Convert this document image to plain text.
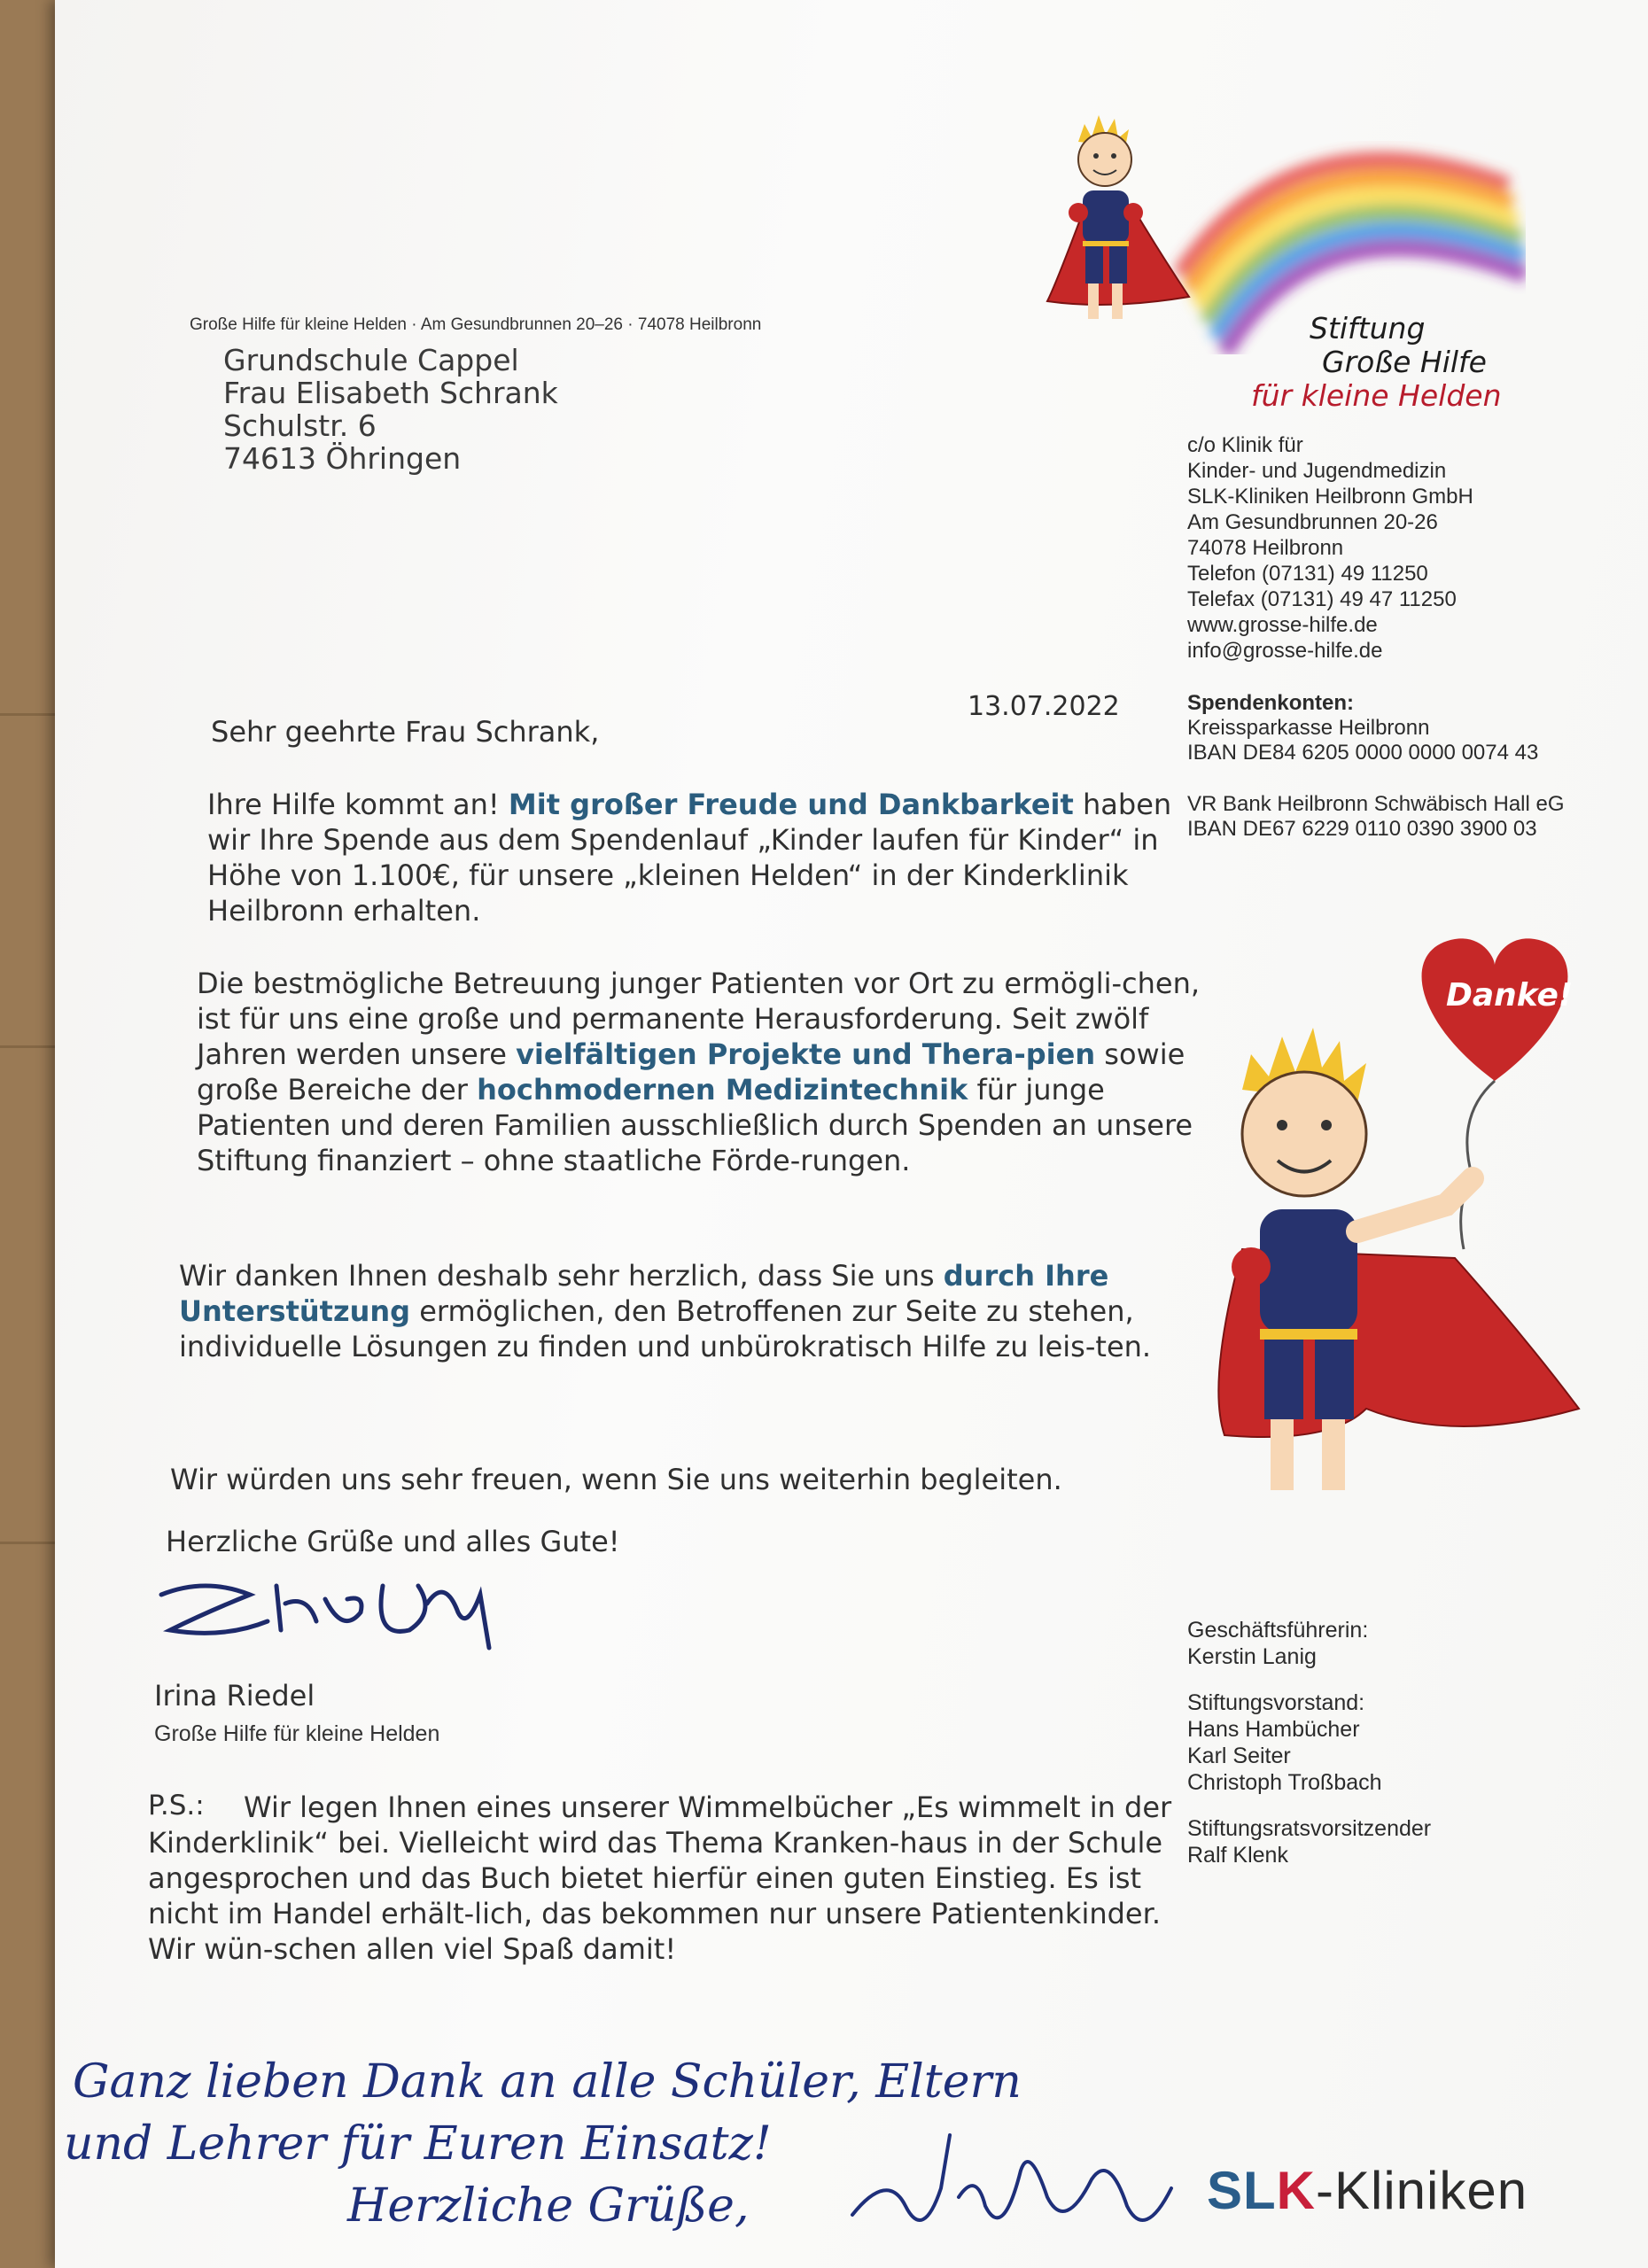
Große Hilfe für kleine Helden · Am Gesundbrunnen 20–26 · 74078 Heilbronn
Grundschule Cappel
Frau Elisabeth Schrank
Schulstr. 6
74613 Öhringen
Stiftung
Große Hilfe
für kleine Helden
c/o Klinik für
Kinder- und Jugendmedizin
SLK-Kliniken Heilbronn GmbH
Am Gesundbrunnen 20-26
74078 Heilbronn
Telefon (07131) 49 11250
Telefax (07131) 49 47 11250
www.grosse-hilfe.de
info@grosse-hilfe.de
13.07.2022	Spendenkonten:
Kreissparkasse Heilbronn
IBAN DE84 6205 0000 0000 0074 43
VR Bank Heilbronn Schwäbisch Hall eG
IBAN DE67 6229 0110 0390 3900 03
Sehr geehrte Frau Schrank,
Ihre Hilfe kommt an! Mit großer Freude und Dankbarkeit haben wir Ihre Spende aus dem Spendenlauf „Kinder laufen für Kinder“ in Höhe von 1.100€, für unsere „kleinen Helden“ in der Kinderklinik Heilbronn erhalten.
Die bestmögliche Betreuung junger Patienten vor Ort zu ermögli-chen, ist für uns eine große und permanente Herausforderung. Seit zwölf Jahren werden unsere vielfältigen Projekte und Thera-pien sowie große Bereiche der hochmodernen Medizintechnik für junge Patienten und deren Familien ausschließlich durch Spenden an unsere Stiftung finanziert – ohne staatliche Förde-rungen.
Wir danken Ihnen deshalb sehr herzlich, dass Sie uns durch Ihre Unterstützung ermöglichen, den Betroffenen zur Seite zu stehen, individuelle Lösungen zu finden und unbürokratisch Hilfe zu leis-ten.
Wir würden uns sehr freuen, wenn Sie uns weiterhin begleiten.
Herzliche Grüße und alles Gute!
Irina Riedel
Große Hilfe für kleine Helden
P.S.:	Wir legen Ihnen eines unserer Wimmelbücher „Es wimmelt in der Kinderklinik“ bei. Vielleicht wird das Thema Kranken-haus in der Schule angesprochen und das Buch bietet hierfür einen guten Einstieg. Es ist nicht im Handel erhält-lich, das bekommen nur unsere Patientenkinder. Wir wün-schen allen viel Spaß damit!
Danke!
Geschäftsführerin:
Kerstin Lanig
Stiftungsvorstand:
Hans Hambücher
Karl Seiter
Christoph Troßbach
Stiftungsratsvorsitzender
Ralf Klenk
Ganz lieben Dank an alle Schüler, Eltern
und Lehrer für Euren Einsatz!
Herzliche Grüße,	SLK-Kliniken
